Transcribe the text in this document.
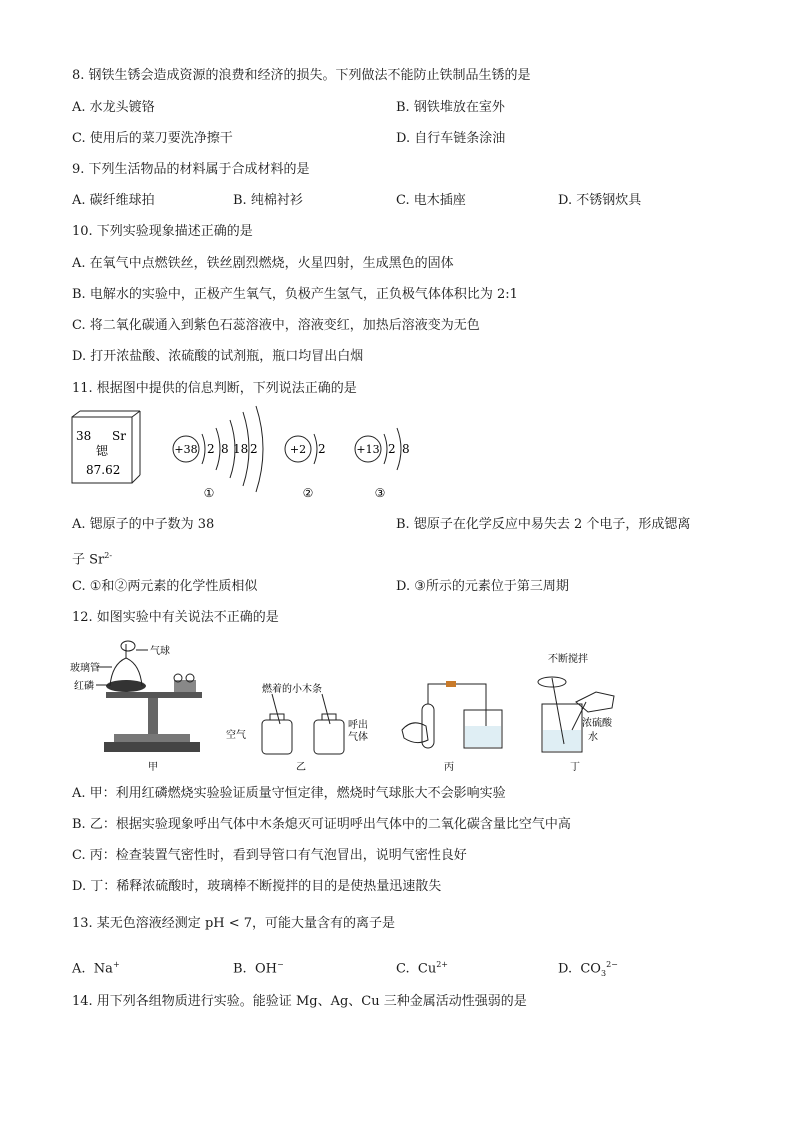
8. 钢铁生锈会造成资源的浪费和经济的损失。下列做法不能防止铁制品生锈的是
A. 水龙头镀铬	B. 钢铁堆放在室外
C. 使用后的菜刀要洗净擦干	D. 自行车链条涂油
9. 下列生活物品的材料属于合成材料的是
A. 碳纤维球拍	B. 纯棉衬衫	C. 电木插座	D. 不锈钢炊具
10. 下列实验现象描述正确的是
A. 在氧气中点燃铁丝，铁丝剧烈燃烧，火星四射，生成黑色的固体
B. 电解水的实验中，正极产生氧气，负极产生氢气，正负极气体体积比为 2:1
C. 将二氧化碳通入到紫色石蕊溶液中，溶液变红，加热后溶液变为无色
D. 打开浓盐酸、浓硫酸的试剂瓶，瓶口均冒出白烟
11. 根据图中提供的信息判断，下列说法正确的是
38 Sr
锶
87.62
+38 2 8 18 2
①
+2 2
②
+13 2 8
③
A. 锶原子的中子数为 38	B. 锶原子在化学反应中易失去 2 个电子，形成锶离
子 $Sr^{2-}$
C. ①和②两元素的化学性质相似	D. ③所示的元素位于第三周期
12. 如图实验中有关说法不正确的是
玻璃管
气球
红磷
甲
燃着的小木条
空气
呼出
气体
乙	丙
不断搅拌
浓硫酸
水
丁
A. 甲：利用红磷燃烧实验验证质量守恒定律，燃烧时气球胀大不会影响实验
B. 乙：根据实验现象呼出气体中木条熄灭可证明呼出气体中的二氧化碳含量比空气中高
C. 丙：检查装置气密性时，看到导管口有气泡冒出，说明气密性良好
D. 丁：稀释浓硫酸时，玻璃棒不断搅拌的目的是使热量迅速散失
13. 某无色溶液经测定 pH < 7，可能大量含有的离子是
A. Na+	B. OH−	C. $Cu^{2+}$	D. $CO_3^{2-}$
14. 用下列各组物质进行实验。能验证 Mg、Ag、Cu 三种金属活动性强弱的是
